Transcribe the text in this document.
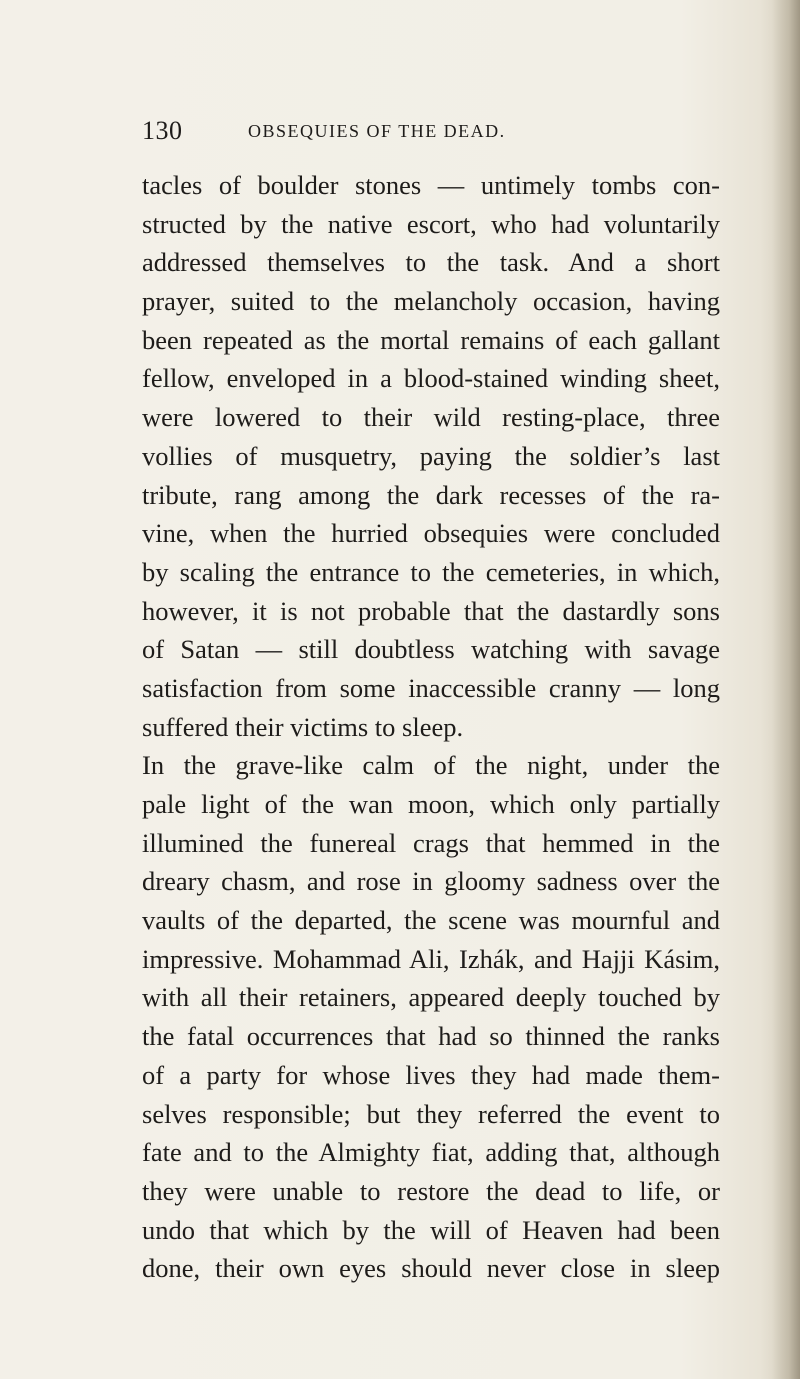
130	OBSEQUIES OF THE DEAD.
tacles of boulder stones — untimely tombs con-
structed by the native escort, who had voluntarily
addressed themselves to the task. And a short
prayer, suited to the melancholy occasion, having
been repeated as the mortal remains of each gallant
fellow, enveloped in a blood-stained winding sheet,
were lowered to their wild resting-place, three
vollies of musquetry, paying the soldier’s last
tribute, rang among the dark recesses of the ra-
vine, when the hurried obsequies were concluded
by scaling the entrance to the cemeteries, in which,
however, it is not probable that the dastardly sons
of Satan — still doubtless watching with savage
satisfaction from some inaccessible cranny — long
suffered their victims to sleep.
In the grave-like calm of the night, under the
pale light of the wan moon, which only partially
illumined the funereal crags that hemmed in the
dreary chasm, and rose in gloomy sadness over the
vaults of the departed, the scene was mournful and
impressive. Mohammad Ali, Izhák, and Hajji Kásim,
with all their retainers, appeared deeply touched by
the fatal occurrences that had so thinned the ranks
of a party for whose lives they had made them-
selves responsible; but they referred the event to
fate and to the Almighty fiat, adding that, although
they were unable to restore the dead to life, or
undo that which by the will of Heaven had been
done, their own eyes should never close in sleep
